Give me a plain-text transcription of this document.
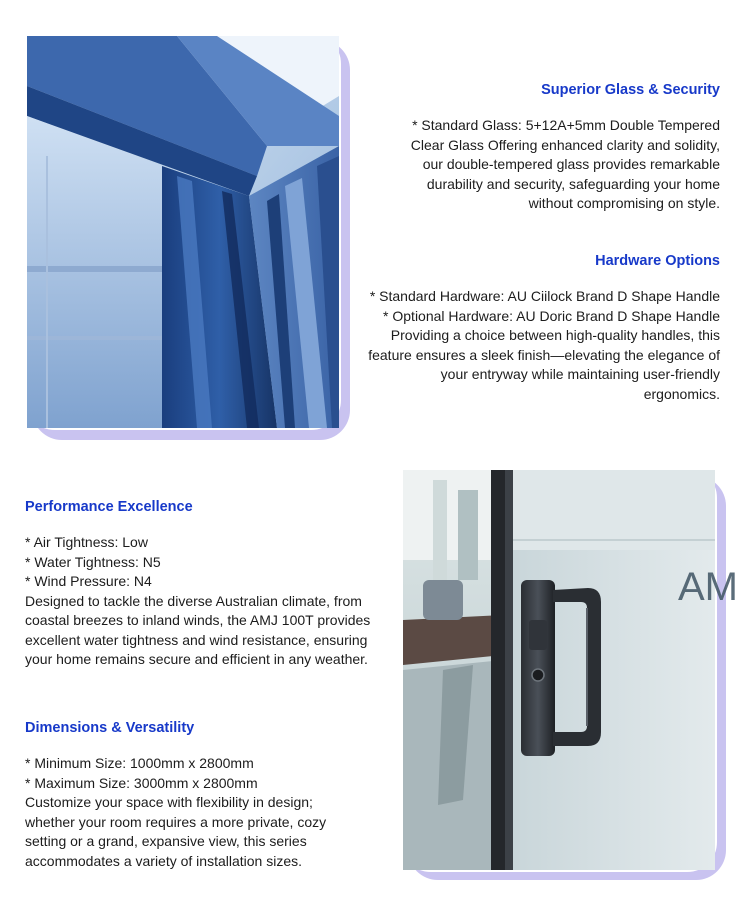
AM
Superior Glass & Security
* Standard Glass: 5+12A+5mm Double Tempered
Clear Glass Offering enhanced clarity and solidity,
our double-tempered glass provides remarkable
durability and security, safeguarding your home
without compromising on style.
Hardware Options
* Standard Hardware: AU Ciilock Brand D Shape Handle
* Optional Hardware: AU Doric Brand D Shape Handle
Providing a choice between high-quality handles, this
feature ensures a sleek finish—elevating the elegance of
your entryway while maintaining user-friendly
ergonomics.
Performance Excellence
* Air Tightness: Low
* Water Tightness: N5
* Wind Pressure: N4
Designed to tackle the diverse Australian climate, from
coastal breezes to inland winds, the AMJ 100T provides
excellent water tightness and wind resistance, ensuring
your home remains secure and efficient in any weather.
Dimensions & Versatility
* Minimum Size: 1000mm x 2800mm
* Maximum Size: 3000mm x 2800mm
Customize your space with flexibility in design;
whether your room requires a more private, cozy
setting or a grand, expansive view, this series
accommodates a variety of installation sizes.
